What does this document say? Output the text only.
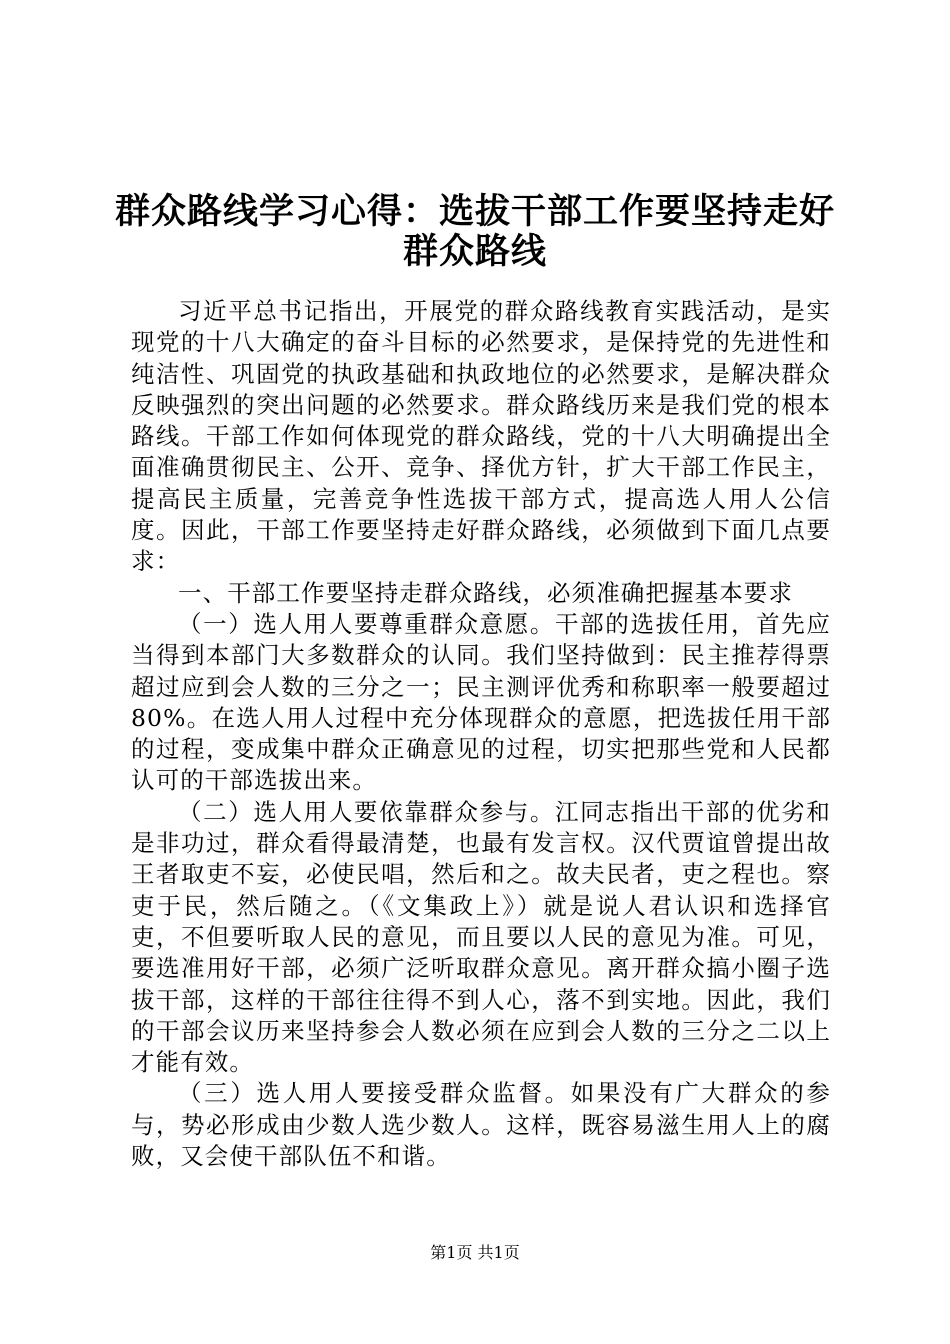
群众路线学习心得：选拔干部工作要坚持走好
群众路线

习近平总书记指出，开展党的群众路线教育实践活动，是实现党的十八大确定的奋斗目标的必然要求，是保持党的先进性和纯洁性、巩固党的执政基础和执政地位的必然要求，是解决群众反映强烈的突出问题的必然要求。群众路线历来是我们党的根本路线。干部工作如何体现党的群众路线，党的十八大明确提出全面准确贯彻民主、公开、竞争、择优方针，扩大干部工作民主，提高民主质量，完善竞争性选拔干部方式，提高选人用人公信度。因此，干部工作要坚持走好群众路线，必须做到下面几点要求：

一、干部工作要坚持走群众路线，必须准确把握基本要求

（一）选人用人要尊重群众意愿。干部的选拔任用，首先应当得到本部门大多数群众的认同。我们坚持做到：民主推荐得票超过应到会人数的三分之一；民主测评优秀和称职率一般要超过80%。在选人用人过程中充分体现群众的意愿，把选拔任用干部的过程，变成集中群众正确意见的过程，切实把那些党和人民都认可的干部选拔出来。

（二）选人用人要依靠群众参与。江同志指出干部的优劣和是非功过，群众看得最清楚，也最有发言权。汉代贾谊曾提出故王者取吏不妄，必使民唱，然后和之。故夫民者，吏之程也。察吏于民，然后随之。（《文集政上》）就是说人君认识和选择官吏，不但要听取人民的意见，而且要以人民的意见为准。可见，要选准用好干部，必须广泛听取群众意见。离开群众搞小圈子选拔干部，这样的干部往往得不到人心，落不到实地。因此，我们的干部会议历来坚持参会人数必须在应到会人数的三分之二以上才能有效。

（三）选人用人要接受群众监督。如果没有广大群众的参与，势必形成由少数人选少数人。这样，既容易滋生用人上的腐败，又会使干部队伍不和谐。

第1页 共1页
